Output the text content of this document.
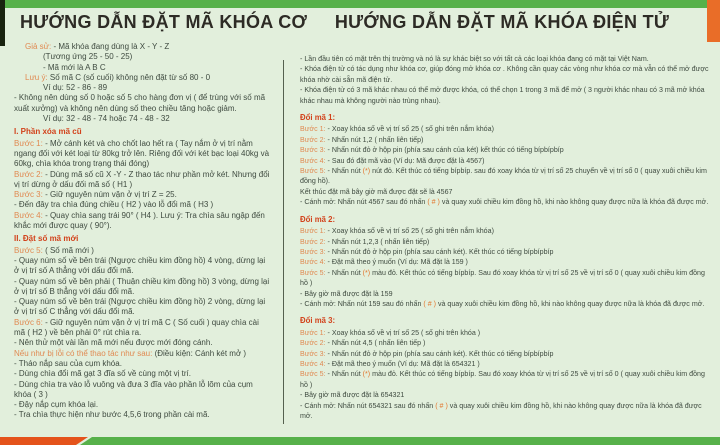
HƯỚNG DẪN ĐẶT MÃ KHÓA CƠ	HƯỚNG DẪN ĐẶT MÃ KHÓA ĐIỆN TỬ
Giả sử: - Mã khóa đang dùng là X - Y - Z
(Tương ứng 25 - 50 - 25)
- Mã mới là A B C
Lưu ý: Số mã C (số cuối) không nên đặt từ số 80 - 0
Ví dụ: 52 - 86 - 89
- Không nên dùng số 0 hoặc số 5 cho hàng đơn vị ( để trùng với số mã xuất xưởng) và không nên dùng số theo chiều tăng hoặc giảm.
Ví dụ: 32 - 48 - 74 hoặc 74 - 48 - 32
I. Phần xóa mã cũ
Bước 1: - Mở cánh két và cho chốt lao hết ra ( Tay nắm ở vị trí nằm ngang đối với két loại từ 80kg trở lên. Riêng đối với két bạc loại 40kg và 60kg, chìa khóa trong trạng thái đóng)
Bước 2: - Dùng mã số cũ X -Y - Z thao tác như phần mở két. Nhưng đổi vị trí dừng ở dấu đối mã số ( H1 )
Bước 3: - Giữ nguyên núm vặn ở vị trí Z = 25.
- Đến đây tra chìa đúng chiều ( H2 ) vào lỗ đổi mã ( H3 )
Bước 4: - Quay chìa sang trái 90° ( H4 ). Lưu ý: Tra chìa sâu ngập đến khắc mới được quay ( 90°).
II. Đặt số mã mới
Bước 5: ( Số mã mới )
- Quay núm số về bên trái (Ngược chiều kim đồng hồ) 4 vòng, dừng lại ở vị trí số A thẳng với dấu đổi mã.
- Quay núm số về bên phải ( Thuận chiều kim đồng hồ) 3 vòng, dừng lại ở vị trí số B thẳng với dấu đổi mã.
- Quay núm số về bên trái (Ngược chiều kim đồng hồ) 2 vòng, dừng lại ở vị trí số C thẳng với dấu đổi mã.
Bước 6: - Giữ nguyên núm vặn ở vị trí mã C ( Số cuối ) quay chìa cài mã ( H2 ) về bên phải 0° rút chìa ra.
- Nên thử một vài lần mã mới nếu được mới đóng cánh.
Nếu như bị lỗi có thể thao tác như sau: (Điều kiện: Cánh két mở )
- Tháo nắp sau của cụm khóa.
- Dùng chìa đổi mã gạt 3 đĩa số về cùng một vị trí.
- Dùng chìa tra vào lỗ vuông và đưa 3 đĩa vào phần lỗ lõm của cụm khóa ( 3 )
- Đậy nắp cụm khóa lại.
- Tra chìa thực hiện như bước 4,5,6 trong phần cài mã.
- Lần đầu tiên có mặt trên thị trường và nó là sự khác biệt so với tất cả các loại khóa đang có mặt tại Việt Nam.
- Khóa điện tử có tác dụng như khóa cơ, giúp đóng mở khóa cơ . Không cần quay các vòng như khóa cơ mà vẫn có thể mở được khóa nhờ cài sẵn mã điện tử.
- Khóa điện tử có 3 mã khác nhau có thể mở được khóa, có thể chọn 1 trong 3 mã để mở ( 3 người khác nhau có 3 mã mở khóa khác nhau mà không người nào trùng nhau).
Đổi mã 1:
Bước 1: - Xoay khóa số về vị trí số 25 ( số ghi trên nắm khóa)
Bước 2: - Nhấn nút 1,2 ( nhấn liên tiếp)
Bước 3: - Nhấn nút đỏ ở hộp pin (phía sau cánh của két) kết thúc có tiếng bípbípbíp
Bước 4: - Sau đó đặt mã vào (Ví dụ: Mã được đặt là 4567)
Bước 5: - Nhấn nút (*) nút đỏ. Kết thúc có tiếng bípbíp. sau đó xoay khóa từ vị trí số 25 chuyển về vị trí số 0 ( quay xuôi chiều kim đồng hồ).
Kết thúc đặt mã bây giờ mã được đặt sẽ là 4567
- Cánh mở: Nhấn nút 4567 sau đó nhấn ( # ) và quay xuôi chiều kim đồng hồ, khi nào không quay được nữa là khóa đã được mở.
Đổi mã 2:
Bước 1: - Xoay khóa số về vị trí số 25 ( số ghi trên nắm khóa)
Bước 2: - Nhấn nút 1,2,3 ( nhấn liên tiếp)
Bước 3: - Nhấn nút đỏ ở hộp pin (phía sau cánh két). Kết thúc có tiếng bípbípbíp
Bước 4: - Đặt mã theo ý muốn (Ví dụ: Mã đặt là 159 )
Bước 5: - Nhấn nút (*) màu đỏ. Kết thúc có tiếng bípbíp. Sau đó xoay khóa từ vị trí số 25 về vị trí số 0 ( quay xuôi chiều kim đồng hồ )
- Bây giờ mã được đặt là 159
- Cánh mở: Nhấn nút 159 sau đó nhấn ( # ) và quay xuôi chiều kim đồng hồ, khi nào không quay được nữa là khóa đã được mở.
Đổi mã 3:
Bước 1: - Xoay khóa số về vị trí số 25 ( số ghi trên khóa )
Bước 2: - Nhấn nút 4,5 ( nhấn liên tiếp )
Bước 3: - Nhấn nút đỏ ở hộp pin (phía sau cánh két). Kết thúc có tiếng bípbípbíp
Bước 4: - Đặt mã theo ý muốn (Ví dụ: Mã đặt là 654321 )
Bước 5: - Nhấn nút (*) màu đỏ. Kết thúc có tiếng bípbíp. Sau đó xoay khóa từ vị trí số 25 về vị trí số 0 ( quay xuôi chiều kim đồng hồ )
- Bây giờ mã được đặt là 654321
- Cánh mở: Nhấn nút 654321 sau đó nhấn ( # ) và quay xuôi chiều kim đồng hồ, khi nào không quay được nữa là khóa đã được mở.
